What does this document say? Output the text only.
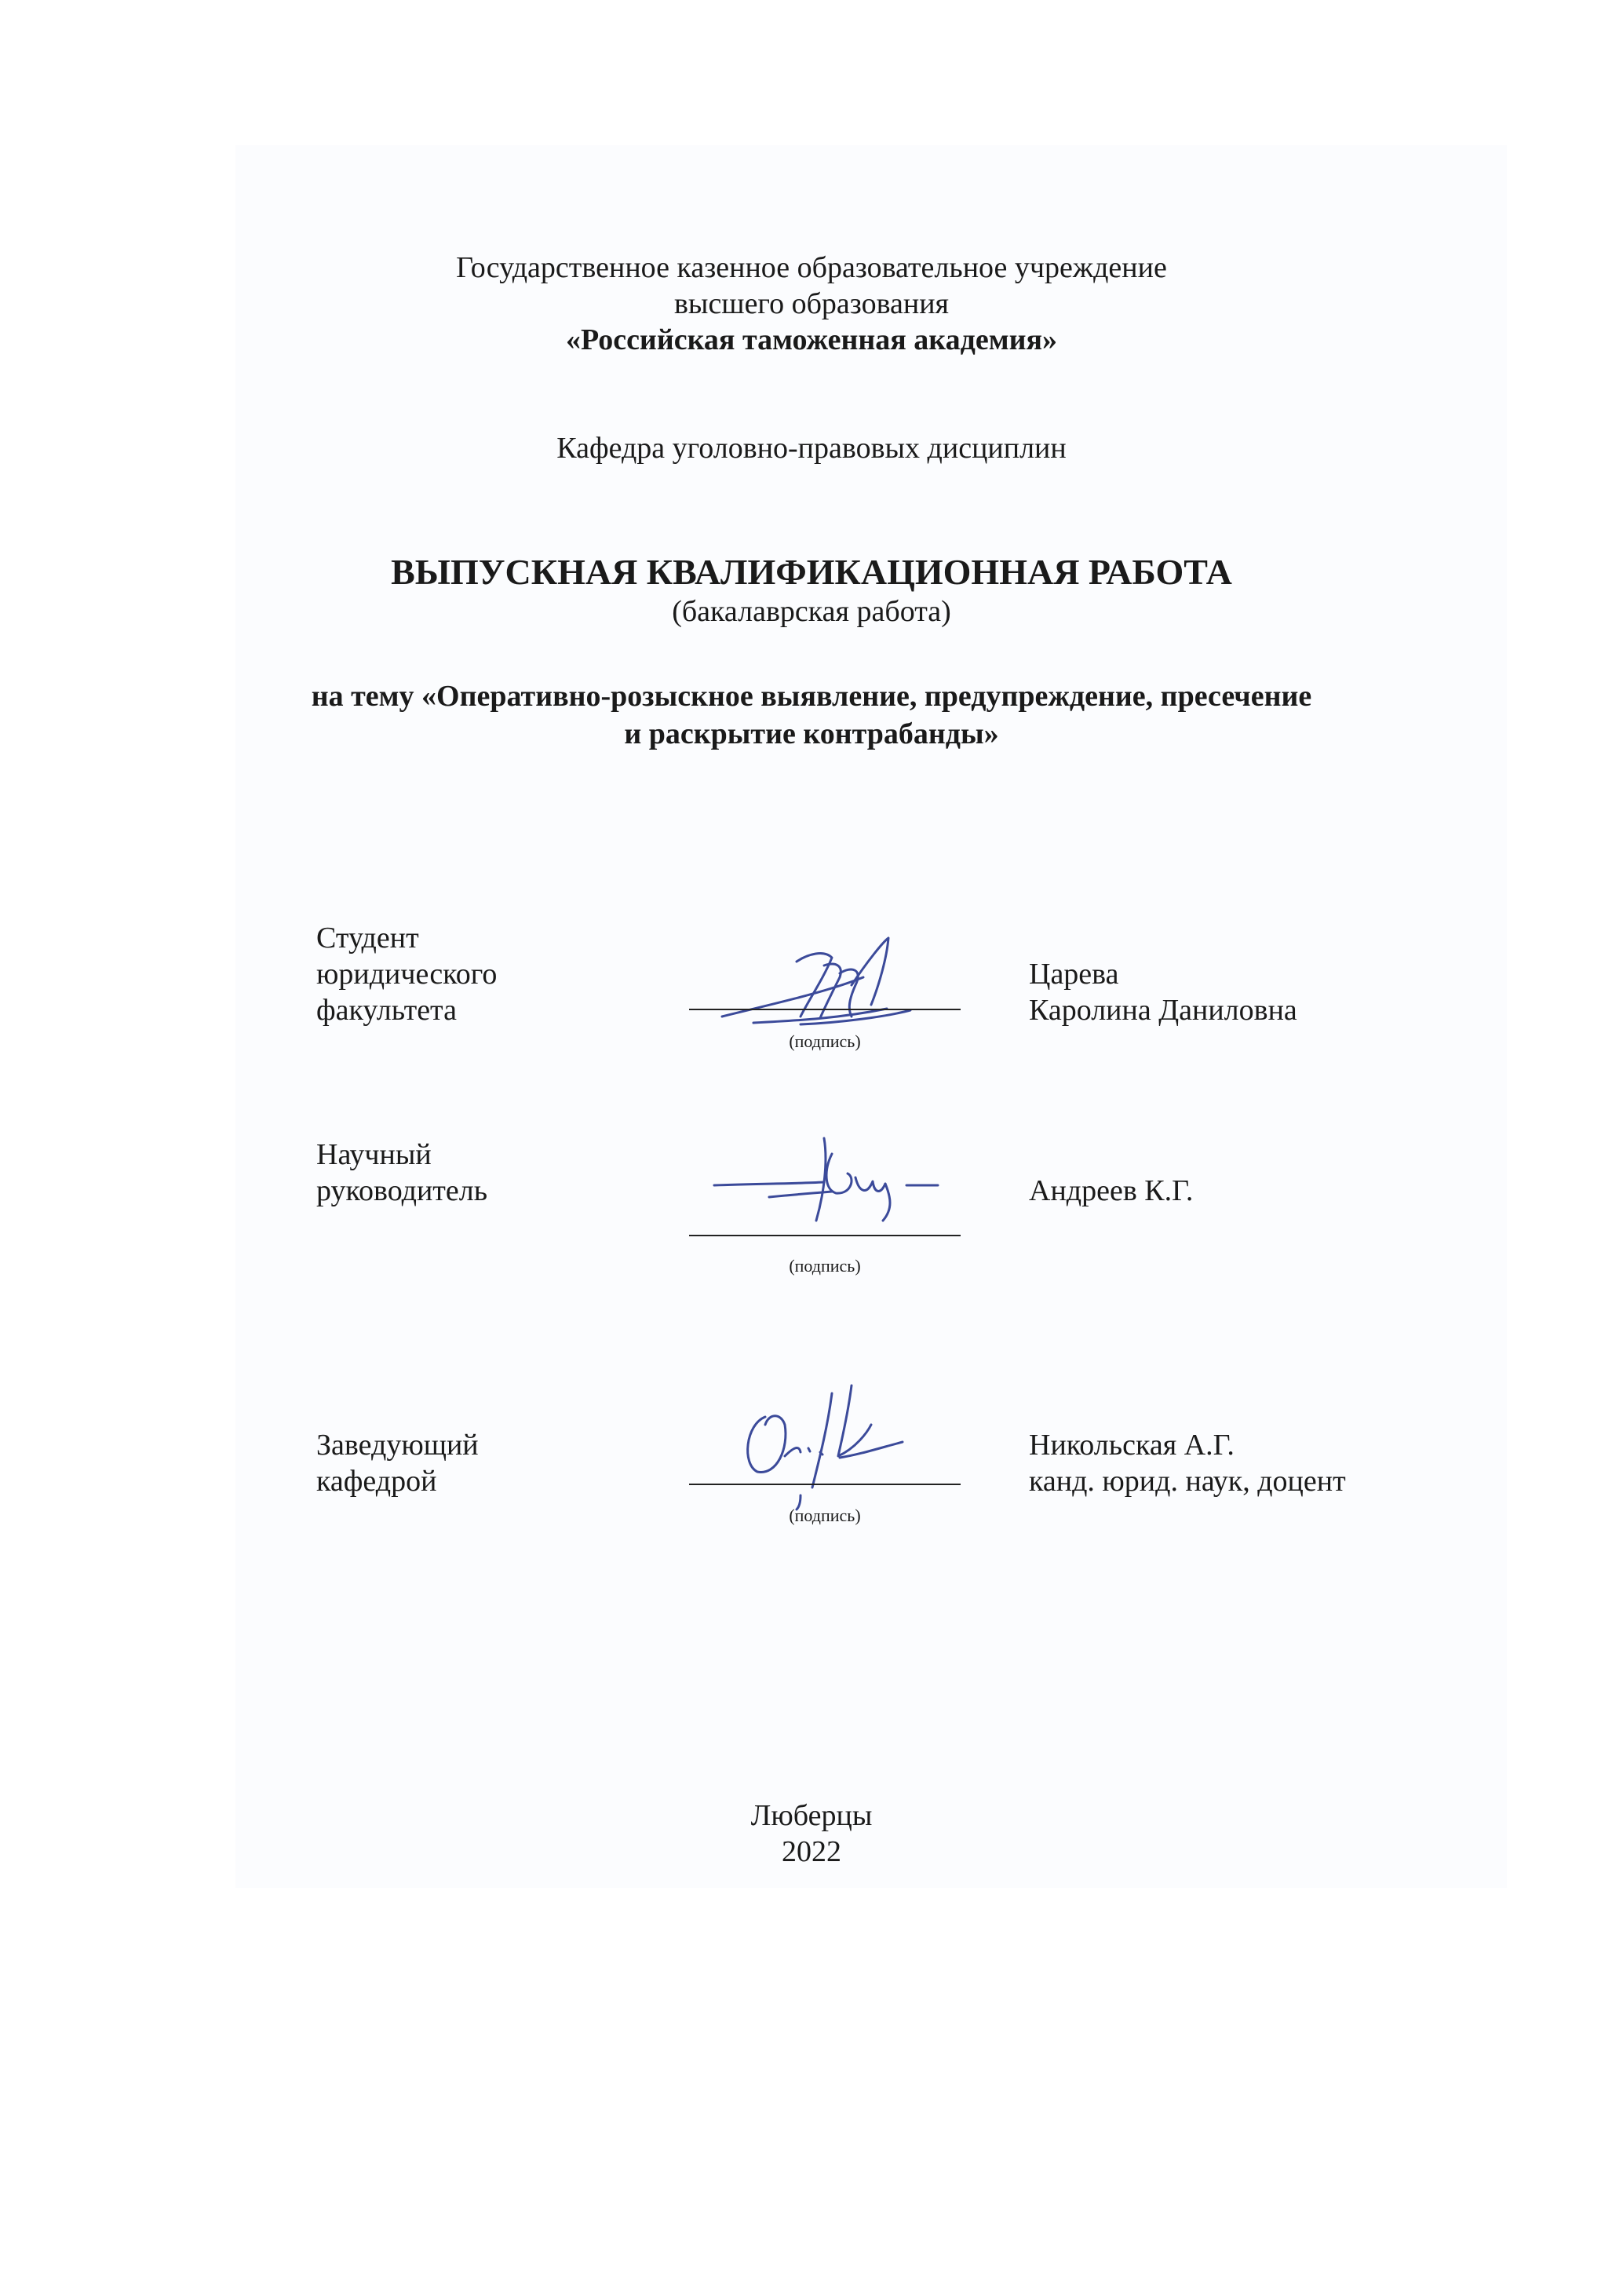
Государственное казенное образовательное учреждение
высшего образования
«Российская таможенная академия»
Кафедра уголовно-правовых дисциплин
ВЫПУСКНАЯ КВАЛИФИКАЦИОННАЯ РАБОТА
(бакалаврская работа)
на тему «Оперативно-розыскное выявление, предупреждение, пресечение
и раскрытие контрабанды»
Студент
юридического
факультета
(подпись)
Царева
Каролина Даниловна
Научный
руководитель
(подпись)
Андреев К.Г.
Заведующий
кафедрой
(подпись)
Никольская А.Г.
канд. юрид. наук, доцент
Люберцы
2022
